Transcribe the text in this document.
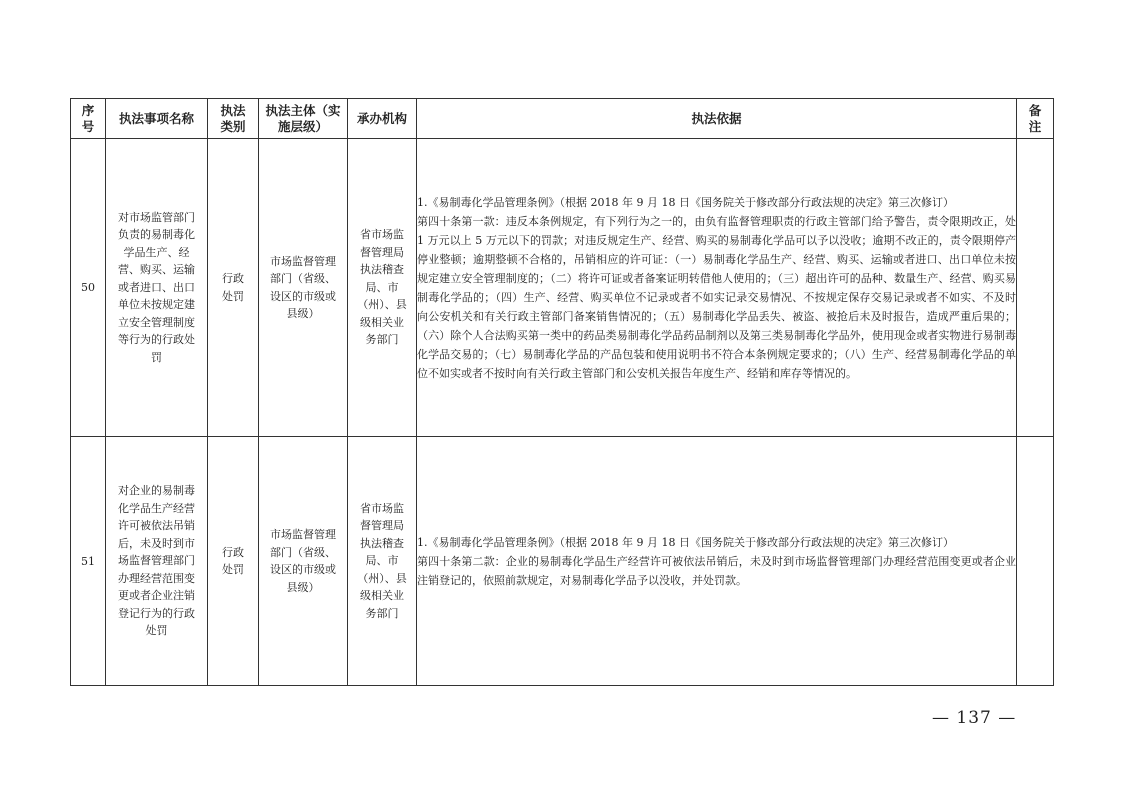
序号	执法事项名称	执法类别	执法主体（实施层级）	承办机构	执法依据	备注
50	对市场监管部门负责的易制毒化学品生产、经营、购买、运输或者进口、出口单位未按规定建立安全管理制度等行为的行政处罚	行政处罚	市场监督管理部门（省级、设区的市级或县级）	省市场监督管理局执法稽查局、市（州）、县级相关业务部门	1.《易制毒化学品管理条例》（根据 2018 年 9 月 18 日《国务院关于修改部分行政法规的决定》第三次修订）
第四十条第一款：违反本条例规定，有下列行为之一的，由负有监督管理职责的行政主管部门给予警告，责令限期改正，处 1 万元以上 5 万元以下的罚款；对违反规定生产、经营、购买的易制毒化学品可以予以没收；逾期不改正的，责令限期停产停业整顿；逾期整顿不合格的，吊销相应的许可证：（一）易制毒化学品生产、经营、购买、运输或者进口、出口单位未按规定建立安全管理制度的；（二）将许可证或者备案证明转借他人使用的；（三）超出许可的品种、数量生产、经营、购买易制毒化学品的；（四）生产、经营、购买单位不记录或者不如实记录交易情况、不按规定保存交易记录或者不如实、不及时向公安机关和有关行政主管部门备案销售情况的；（五）易制毒化学品丢失、被盗、被抢后未及时报告，造成严重后果的；（六）除个人合法购买第一类中的药品类易制毒化学品药品制剂以及第三类易制毒化学品外，使用现金或者实物进行易制毒化学品交易的；（七）易制毒化学品的产品包装和使用说明书不符合本条例规定要求的；（八）生产、经营易制毒化学品的单位不如实或者不按时向有关行政主管部门和公安机关报告年度生产、经销和库存等情况的。	

51	对企业的易制毒化学品生产经营许可被依法吊销后，未及时到市场监督管理部门办理经营范围变更或者企业注销登记行为的行政处罚	行政处罚	市场监督管理部门（省级、设区的市级或县级）	省市场监督管理局执法稽查局、市（州）、县级相关业务部门	1.《易制毒化学品管理条例》（根据 2018 年 9 月 18 日《国务院关于修改部分行政法规的决定》第三次修订）
第四十条第二款：企业的易制毒化学品生产经营许可被依法吊销后，未及时到市场监督管理部门办理经营范围变更或者企业注销登记的，依照前款规定，对易制毒化学品予以没收，并处罚款。	

— 137 —
